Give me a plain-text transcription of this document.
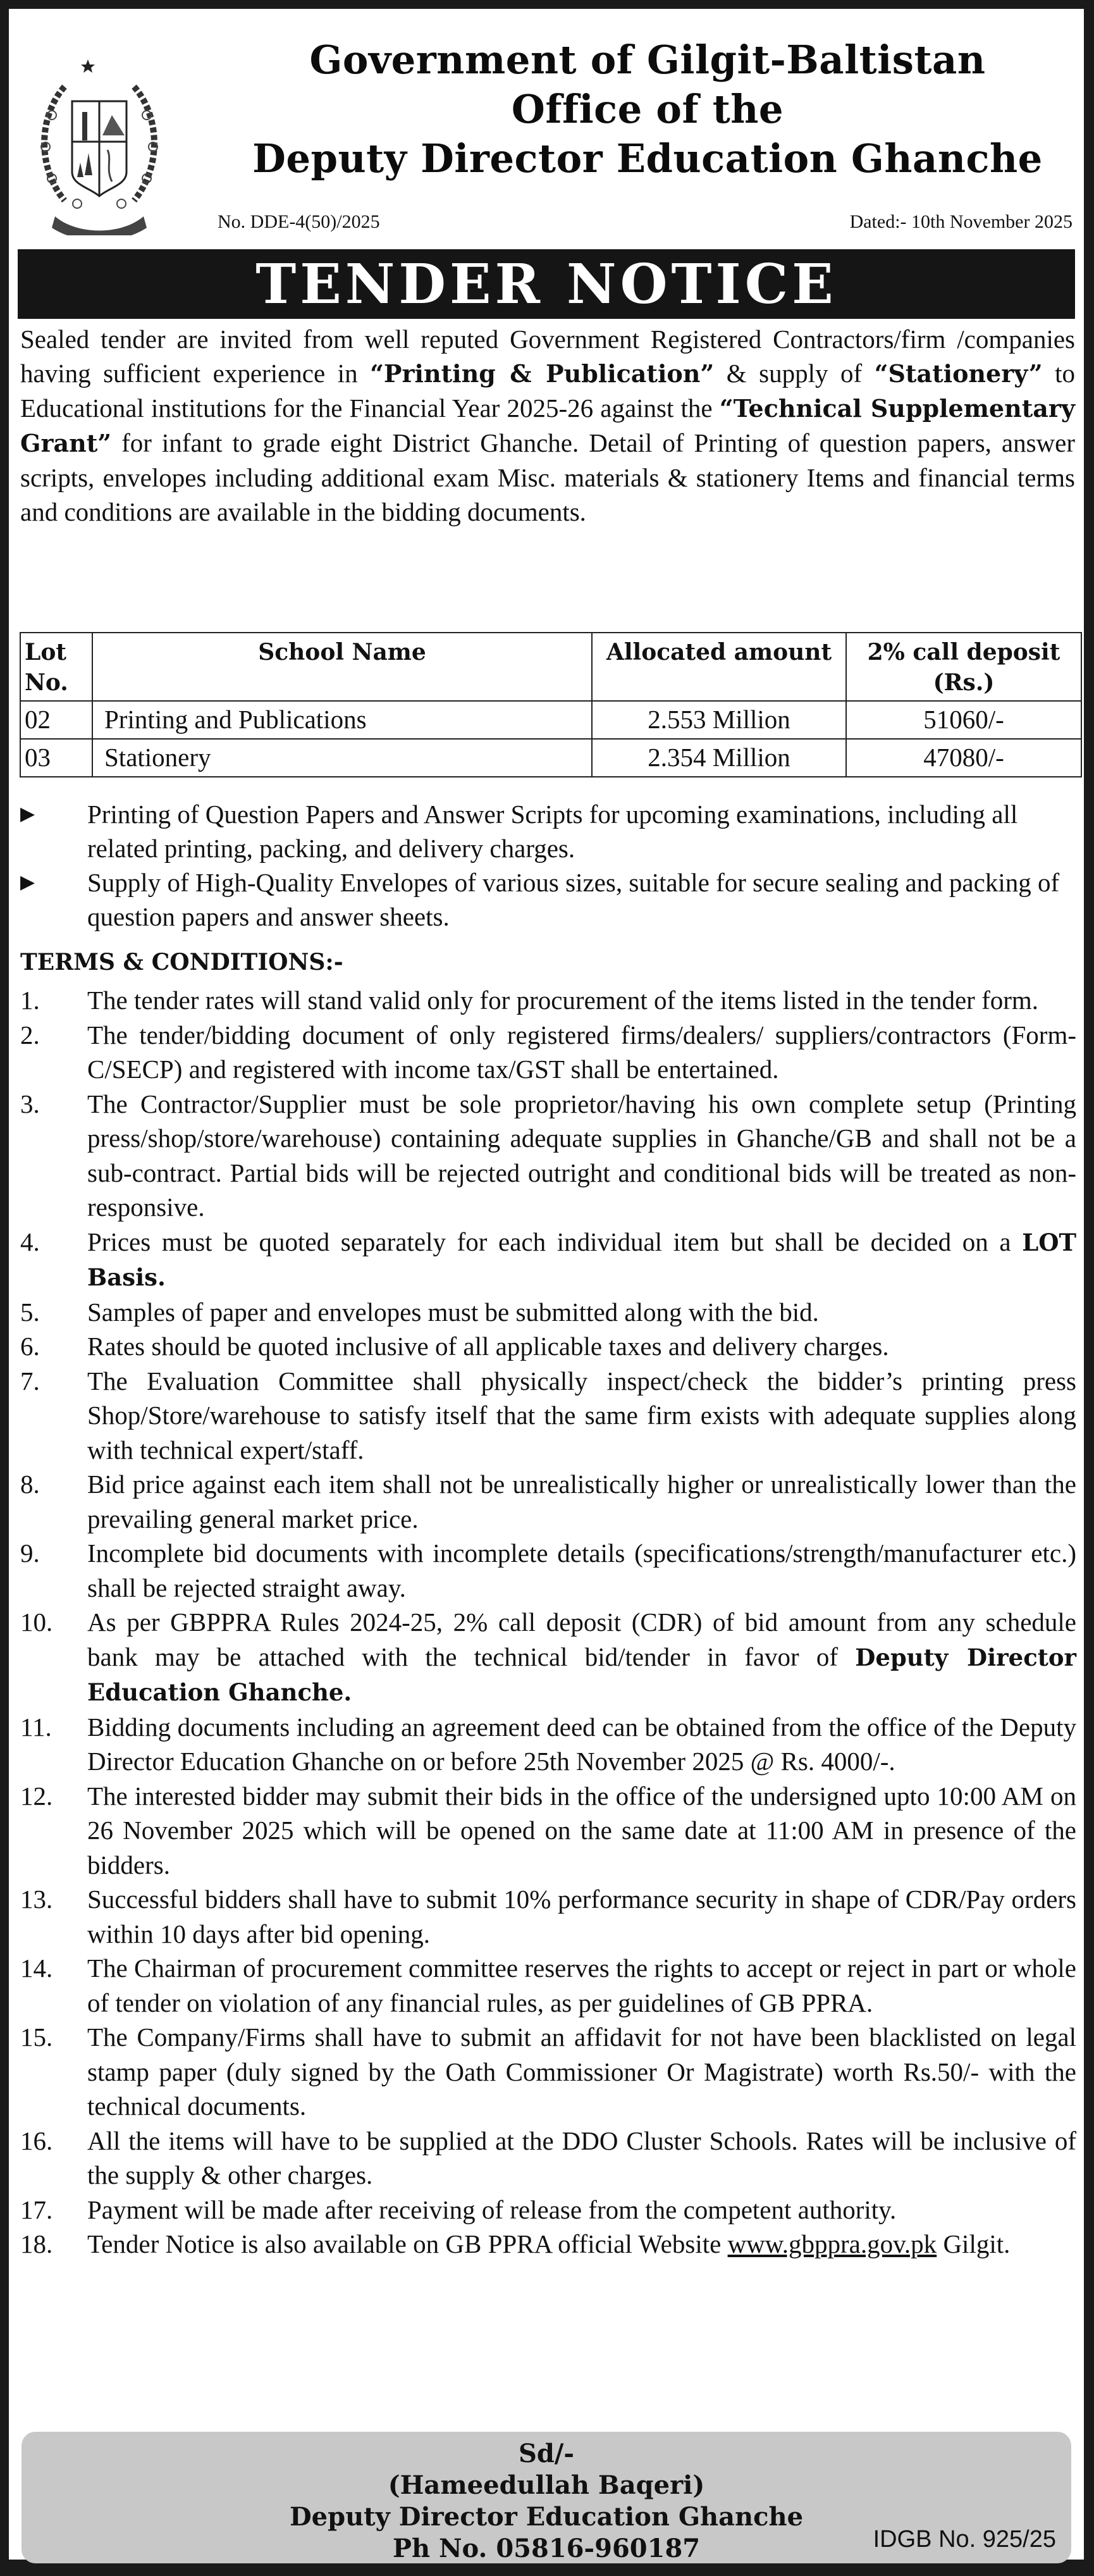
Government of Gilgit-Baltistan
Office of the
Deputy Director Education Ghanche
No. DDE-4(50)/2025	Dated:- 10th November 2025
TENDER NOTICE
Sealed tender are invited from well reputed Government Registered Contractors/firm /companies having sufficient experience in “Printing & Publication” & supply of “Stationery” to Educational institutions for the Financial Year 2025-26 against the “Technical Supplementary Grant” for infant to grade eight District Ghanche. Detail of Printing of question papers, answer scripts, envelopes including additional exam Misc. materials & stationery Items and financial terms and conditions are available in the bidding documents.
Lot No.	School Name	Allocated amount	2% call deposit (Rs.)
02	Printing and Publications	2.553 Million	51060/-
03	Stationery	2.354 Million	47080/-
▶	Printing of Question Papers and Answer Scripts for upcoming examinations, including all related printing, packing, and delivery charges.
▶	Supply of High-Quality Envelopes of various sizes, suitable for secure sealing and packing of question papers and answer sheets.
TERMS & CONDITIONS:-
1.	The tender rates will stand valid only for procurement of the items listed in the tender form.
2.	The tender/bidding document of only registered firms/dealers/ suppliers/contractors (Form-C/SECP) and registered with income tax/GST shall be entertained.
3.	The Contractor/Supplier must be sole proprietor/having his own complete setup (Printing press/shop/store/warehouse) containing adequate supplies in Ghanche/GB and shall not be a sub-contract. Partial bids will be rejected outright and conditional bids will be treated as non-responsive.
4.	Prices must be quoted separately for each individual item but shall be decided on a LOT Basis.
5.	Samples of paper and envelopes must be submitted along with the bid.
6.	Rates should be quoted inclusive of all applicable taxes and delivery charges.
7.	The Evaluation Committee shall physically inspect/check the bidder’s printing press Shop/Store/warehouse to satisfy itself that the same firm exists with adequate supplies along with technical expert/staff.
8.	Bid price against each item shall not be unrealistically higher or unrealistically lower than the prevailing general market price.
9.	Incomplete bid documents with incomplete details (specifications/strength/manufacturer etc.) shall be rejected straight away.
10.	As per GBPPRA Rules 2024-25, 2% call deposit (CDR) of bid amount from any schedule bank may be attached with the technical bid/tender in favor of Deputy Director Education Ghanche.
11.	Bidding documents including an agreement deed can be obtained from the office of the Deputy Director Education Ghanche on or before 25th November 2025 @ Rs. 4000/-.
12.	The interested bidder may submit their bids in the office of the undersigned upto 10:00 AM on 26 November 2025 which will be opened on the same date at 11:00 AM in presence of the bidders.
13.	Successful bidders shall have to submit 10% performance security in shape of CDR/Pay orders within 10 days after bid opening.
14.	The Chairman of procurement committee reserves the rights to accept or reject in part or whole of tender on violation of any financial rules, as per guidelines of GB PPRA.
15.	The Company/Firms shall have to submit an affidavit for not have been blacklisted on legal stamp paper (duly signed by the Oath Commissioner Or Magistrate) worth Rs.50/- with the technical documents.
16.	All the items will have to be supplied at the DDO Cluster Schools. Rates will be inclusive of the supply & other charges.
17.	Payment will be made after receiving of release from the competent authority.
18.	Tender Notice is also available on GB PPRA official Website www.gbppra.gov.pk Gilgit.
Sd/-
(Hameedullah Baqeri)
Deputy Director Education Ghanche
Ph No. 05816-960187	IDGB No. 925/25
